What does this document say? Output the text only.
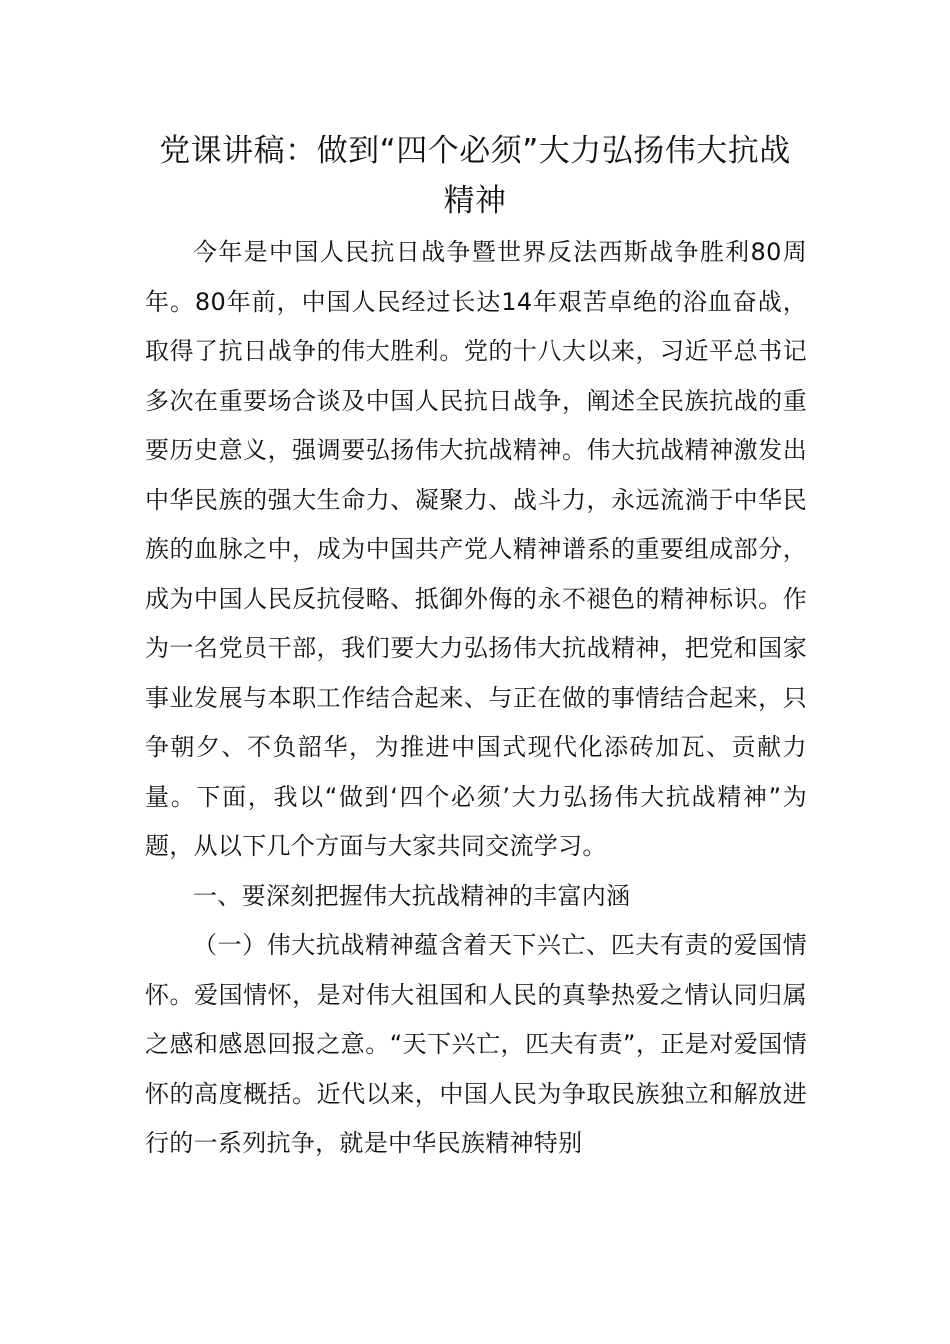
党课讲稿：做到“四个必须”大力弘扬伟大抗战精神

今年是中国人民抗日战争暨世界反法西斯战争胜利80周年。80年前，中国人民经过长达14年艰苦卓绝的浴血奋战，取得了抗日战争的伟大胜利。党的十八大以来，习近平总书记多次在重要场合谈及中国人民抗日战争，阐述全民族抗战的重要历史意义，强调要弘扬伟大抗战精神。伟大抗战精神激发出中华民族的强大生命力、凝聚力、战斗力，永远流淌于中华民族的血脉之中，成为中国共产党人精神谱系的重要组成部分，成为中国人民反抗侵略、抵御外侮的永不褪色的精神标识。作为一名党员干部，我们要大力弘扬伟大抗战精神，把党和国家事业发展与本职工作结合起来、与正在做的事情结合起来，只争朝夕、不负韶华，为推进中国式现代化添砖加瓦、贡献力量。下面，我以“做到‘四个必须’大力弘扬伟大抗战精神”为题，从以下几个方面与大家共同交流学习。

一、要深刻把握伟大抗战精神的丰富内涵

（一）伟大抗战精神蕴含着天下兴亡、匹夫有责的爱国情怀。爱国情怀，是对伟大祖国和人民的真挚热爱之情认同归属之感和感恩回报之意。“天下兴亡，匹夫有责”，正是对爱国情怀的高度概括。近代以来，中国人民为争取民族独立和解放进行的一系列抗争，就是中华民族精神特别
